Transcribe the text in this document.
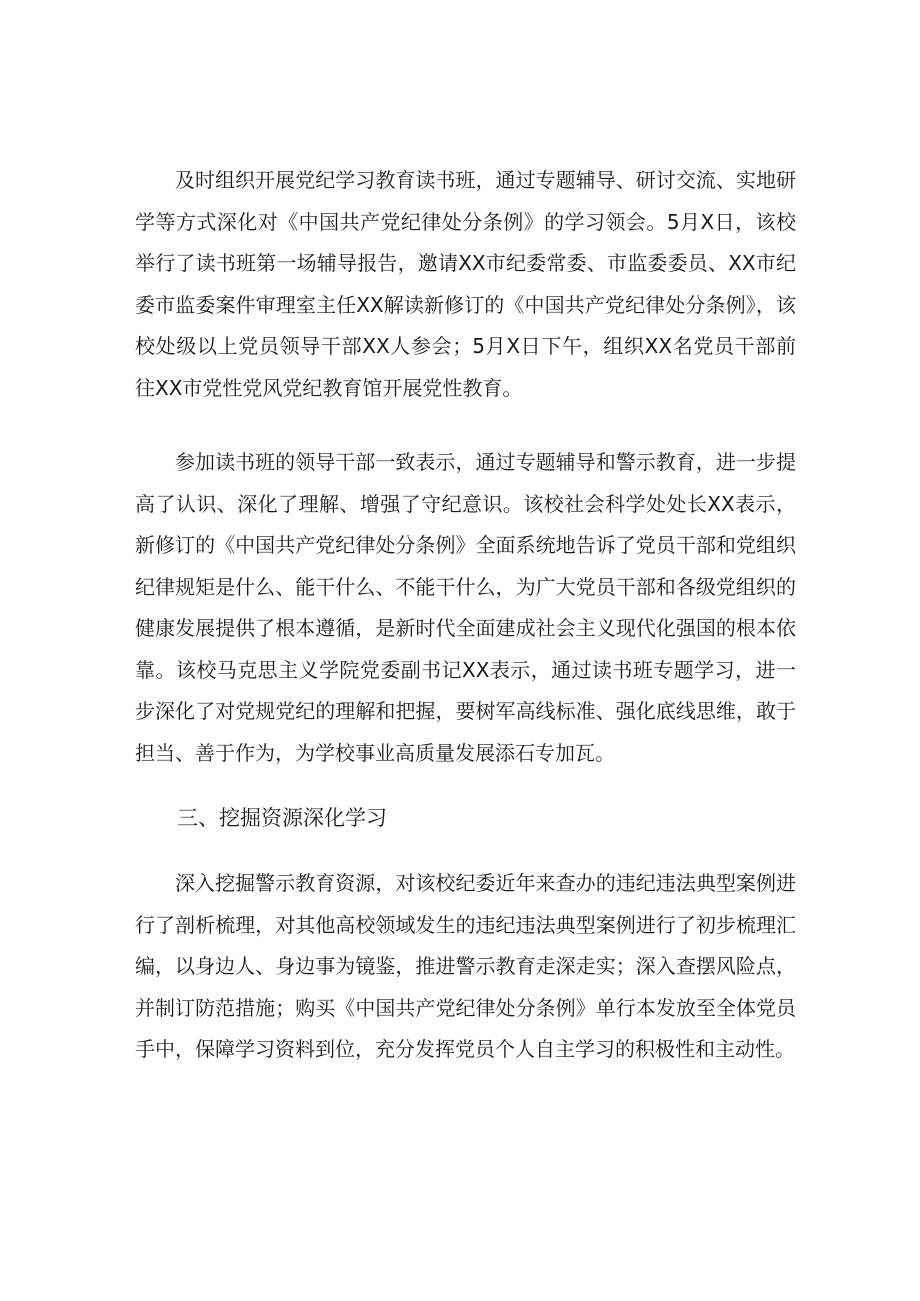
及时组织开展党纪学习教育读书班，通过专题辅导、研讨交流、实地研学等方式深化对《中国共产党纪律处分条例》的学习领会。5月X日，该校举行了读书班第一场辅导报告，邀请XX市纪委常委、市监委委员、XX市纪委市监委案件审理室主任XX解读新修订的《中国共产党纪律处分条例》，该校处级以上党员领导干部XX人参会；5月X日下午，组织XX名党员干部前往XX市党性党风党纪教育馆开展党性教育。

参加读书班的领导干部一致表示，通过专题辅导和警示教育，进一步提高了认识、深化了理解、增强了守纪意识。该校社会科学处处长XX表示，新修订的《中国共产党纪律处分条例》全面系统地告诉了党员干部和党组织纪律规矩是什么、能干什么、不能干什么，为广大党员干部和各级党组织的健康发展提供了根本遵循，是新时代全面建成社会主义现代化强国的根本依靠。该校马克思主义学院党委副书记XX表示，通过读书班专题学习，进一步深化了对党规党纪的理解和把握，要树军高线标准、强化底线思维，敢于担当、善于作为，为学校事业高质量发展添石专加瓦。

三、挖掘资源深化学习

深入挖掘警示教育资源，对该校纪委近年来查办的违纪违法典型案例进行了剖析梳理，对其他高校领域发生的违纪违法典型案例进行了初步梳理汇编，以身边人、身边事为镜鉴，推进警示教育走深走实；深入查摆风险点，并制订防范措施；购买《中国共产党纪律处分条例》单行本发放至全体党员手中，保障学习资料到位，充分发挥党员个人自主学习的积极性和主动性。
